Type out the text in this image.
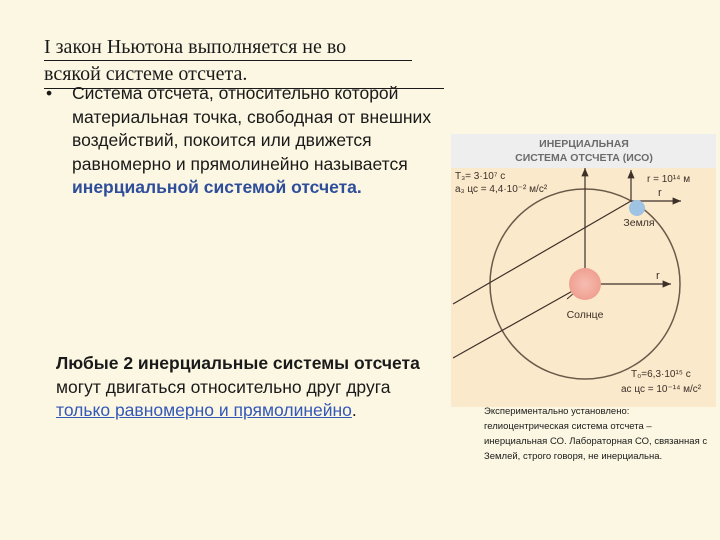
I закон Ньютона выполняется не во
всякой системе отсчета.
• Система отсчета, относительно которой материальная точка, свободная от внешних воздействий, покоится или движется равномерно и прямолинейно называется инерциальной системой отсчета.
Любые 2 инерциальные системы отсчета могут двигаться относительно друг друга только равномерно и прямолинейно.
ИНЕРЦИАЛЬНАЯ
СИСТЕМА ОТСЧЕТА (ИСО)
r
r
Солнце
Земля
T₃= 3·10⁷ с
a₃ цс = 4,4·10⁻² м/с²
r = 10¹⁴ м
T₀=6,3·10¹⁵ с
aс цс = 10⁻¹⁴ м/с²
Экспериментально установлено: гелиоцентрическая система отсчета – инерциальная СО. Лабораторная СО, связанная с Землей, строго говоря, не инерциальна.
